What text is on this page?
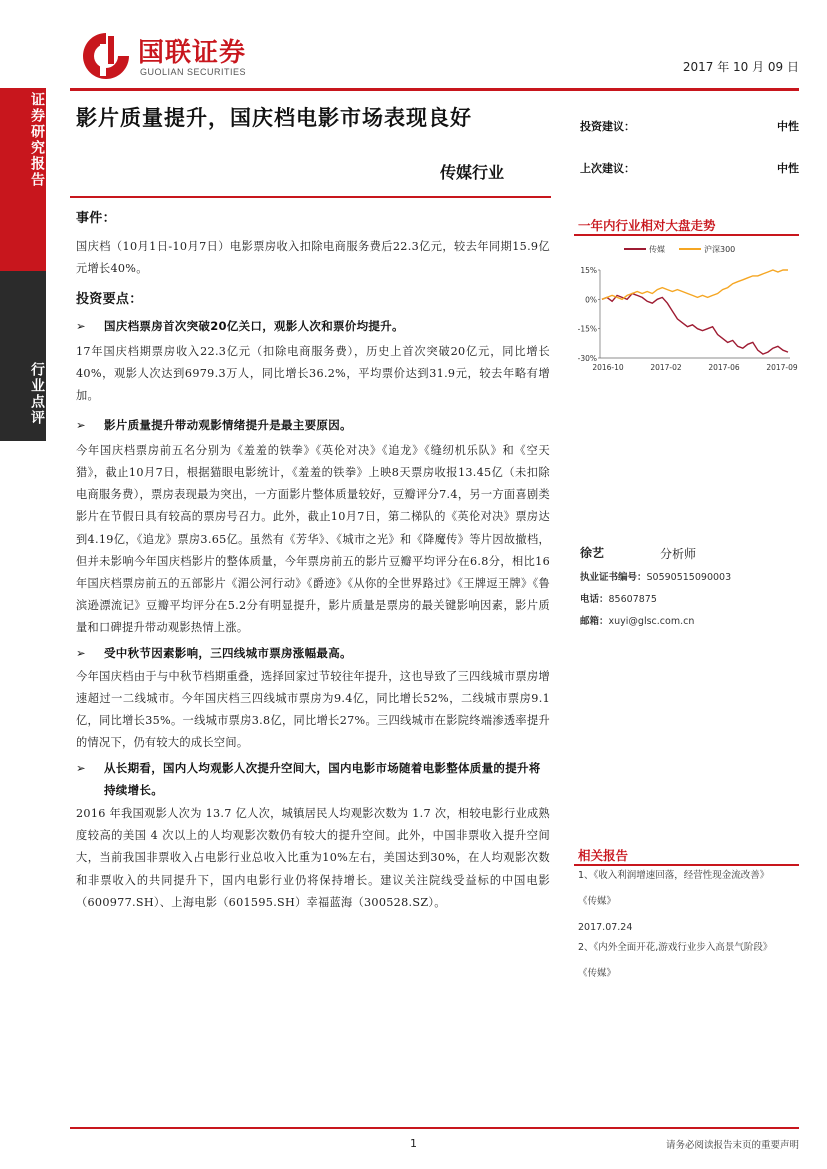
国联证券
GUOLIAN SECURITIES	2017 年 10 月 09 日
证券研究报告
行业点评
影片质量提升，国庆档电影市场表现良好
传媒行业
投资建议：	中性
上次建议：	中性
事件：

国庆档（10月1日-10月7日）电影票房收入扣除电商服务费后22.3亿元，较去年同期15.9亿元增长40%。

投资要点：
➢ 国庆档票房首次突破20亿关口，观影人次和票价均提升。

17年国庆档期票房收入22.3亿元（扣除电商服务费），历史上首次突破20亿元，同比增长40%，观影人次达到6979.3万人，同比增长36.2%，平均票价达到31.9元，较去年略有增加。

➢ 影片质量提升带动观影情绪提升是最主要原因。

今年国庆档票房前五名分别为《羞羞的铁拳》《英伦对决》《追龙》《缝纫机乐队》和《空天猎》，截止10月7日，根据猫眼电影统计，《羞羞的铁拳》上映8天票房收报13.45亿（未扣除电商服务费），票房表现最为突出，一方面影片整体质量较好，豆瓣评分7.4，另一方面喜剧类影片在节假日具有较高的票房号召力。此外，截止10月7日，第二梯队的《英伦对决》票房达到4.19亿，《追龙》票房3.65亿。虽然有《芳华》、《城市之光》和《降魔传》等片因故撤档，但并未影响今年国庆档影片的整体质量，今年票房前五的影片豆瓣平均评分在6.8分，相比16年国庆档票房前五的五部影片《湄公河行动》《爵迹》《从你的全世界路过》《王牌逗王牌》《鲁滨逊漂流记》豆瓣平均评分在5.2分有明显提升，影片质量是票房的最关键影响因素，影片质量和口碑提升带动观影热情上涨。

➢ 受中秋节因素影响，三四线城市票房涨幅最高。

今年国庆档由于与中秋节档期重叠，选择回家过节较往年提升，这也导致了三四线城市票房增速超过一二线城市。今年国庆档三四线城市票房为9.4亿，同比增长52%，二线城市票房9.1亿，同比增长35%。一线城市票房3.8亿，同比增长27%。三四线城市在影院终端渗透率提升的情况下，仍有较大的成长空间。

➢ 从长期看，国内人均观影人次提升空间大，国内电影市场随着电影整体质量的提升将持续增长。

2016 年我国观影人次为 13.7 亿人次，城镇居民人均观影次数为 1.7 次，相较电影行业成熟度较高的美国 4 次以上的人均观影次数仍有较大的提升空间。此外，中国非票收入提升空间大，当前我国非票收入占电影行业总收入比重为10%左右，美国达到30%，在人均观影次数和非票收入的共同提升下，国内电影行业仍将保持增长。建议关注院线受益标的中国电影（600977.SH）、上海电影（601595.SH）幸福蓝海（300528.SZ）。

一年内行业相对大盘走势
传媒	沪深300
15%
0%
-15%
-30%
2016-10	2017-02	2017-06	2017-09
徐艺	分析师
执业证书编号：S0590515090003
电话：85607875
邮箱：xuyi@glsc.com.cn
相关报告
1、《收入利润增速回落，经营性现金流改善》
《传媒》
2017.07.24
2、《内外全面开花,游戏行业步入高景气阶段》
《传媒》
1	请务必阅读报告末页的重要声明
